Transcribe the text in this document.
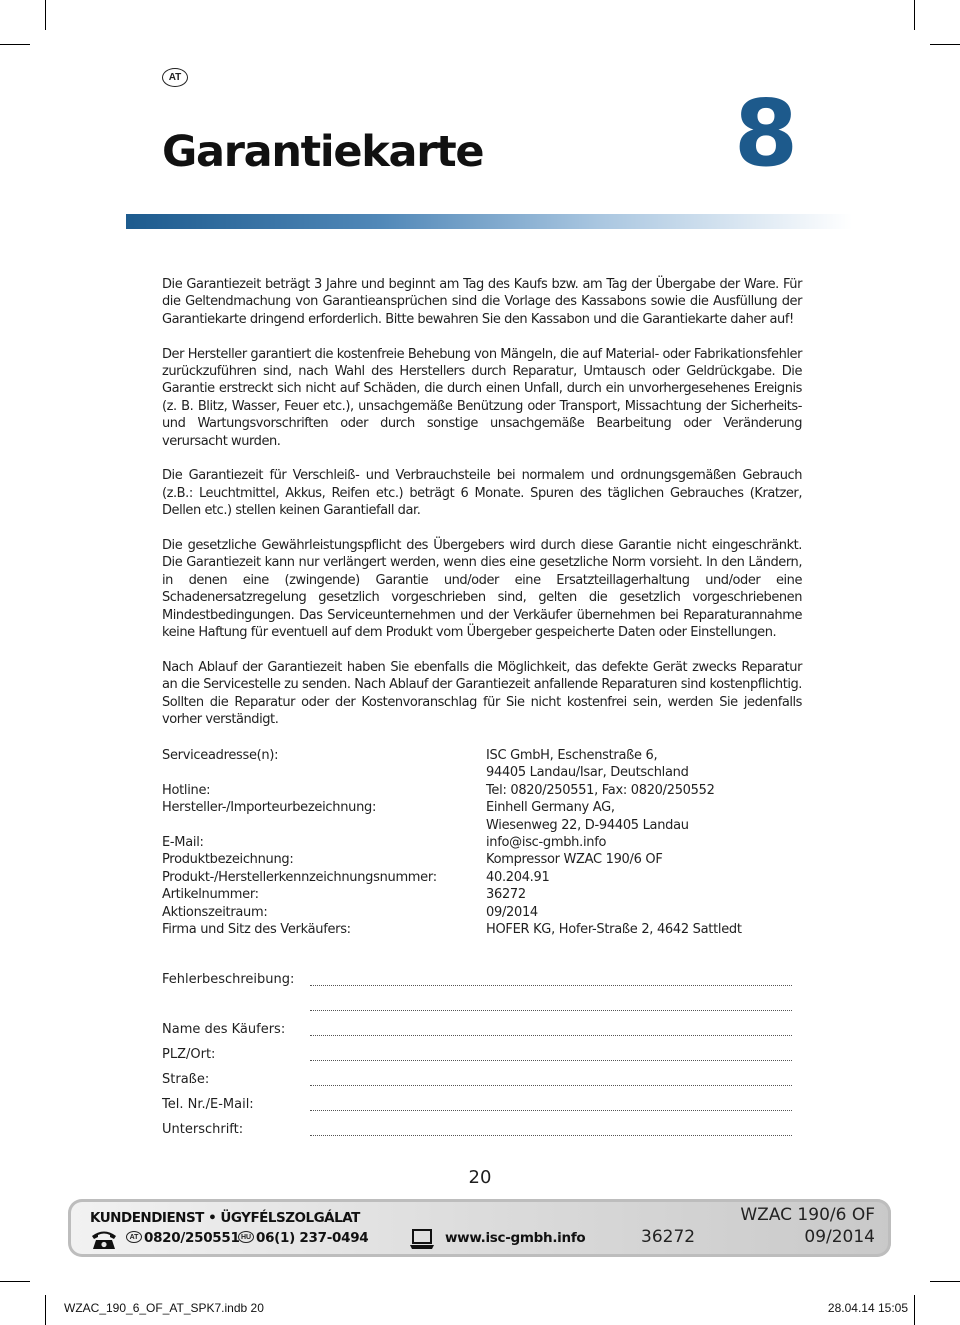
AT
Garantiekarte	8

Die Garantiezeit beträgt 3 Jahre und beginnt am Tag des Kaufs bzw. am Tag der Übergabe der Ware. Für die Geltendmachung von Garantieansprüchen sind die Vorlage des Kassabons sowie die Ausfüllung der Garantiekarte dringend erforderlich. Bitte bewahren Sie den Kassabon und die Garantiekarte daher auf!

Der Hersteller garantiert die kostenfreie Behebung von Mängeln, die auf Material- oder Fabrikationsfehler zurückzuführen sind, nach Wahl des Herstellers durch Reparatur, Umtausch oder Geldrückgabe. Die Garantie erstreckt sich nicht auf Schäden, die durch einen Unfall, durch ein unvorhergesehenes Ereignis (z. B. Blitz, Wasser, Feuer etc.), unsachgemäße Benützung oder Transport, Missachtung der Sicherheits- und Wartungsvorschriften oder durch sonstige unsachgemäße Bearbeitung oder Veränderung verursacht wurden.

Die Garantiezeit für Verschleiß- und Verbrauchsteile bei normalem und ordnungsgemäßen Gebrauch (z.B.: Leuchtmittel, Akkus, Reifen etc.) beträgt 6 Monate. Spuren des täglichen Gebrauches (Kratzer, Dellen etc.) stellen keinen Garantiefall dar.

Die gesetzliche Gewährleistungspflicht des Übergebers wird durch diese Garantie nicht eingeschränkt. Die Garantiezeit kann nur verlängert werden, wenn dies eine gesetzliche Norm vorsieht. In den Ländern, in denen eine (zwingende) Garantie und/oder eine Ersatzteillagerhaltung und/oder eine Schadenersatzregelung gesetzlich vorgeschrieben sind, gelten die gesetzlich vorgeschriebenen Mindestbedingungen. Das Serviceunternehmen und der Verkäufer übernehmen bei Reparaturannahme keine Haftung für eventuell auf dem Produkt vom Übergeber gespeicherte Daten oder Einstellungen.

Nach Ablauf der Garantiezeit haben Sie ebenfalls die Möglichkeit, das defekte Gerät zwecks Reparatur an die Servicestelle zu senden. Nach Ablauf der Garantiezeit anfallende Reparaturen sind kostenpflichtig. Sollten die Reparatur oder der Kostenvoranschlag für Sie nicht kostenfrei sein, werden Sie jedenfalls vorher verständigt.

Serviceadresse(n):	ISC GmbH, Eschenstraße 6,
94405 Landau/Isar, Deutschland
Hotline:	Tel: 0820/250551, Fax: 0820/250552
Hersteller-/Importeurbezeichnung:	Einhell Germany AG,
Wiesenweg 22, D-94405 Landau
E-Mail:	info@isc-gmbh.info
Produktbezeichnung:	Kompressor WZAC 190/6 OF
Produkt-/Herstellerkennzeichnungsnummer:	40.204.91
Artikelnummer:	36272
Aktionszeitraum:	09/2014
Firma und Sitz des Verkäufers:	HOFER KG, Hofer-Straße 2, 4642 Sattledt
Fehlerbeschreibung:
Name des Käufers:
PLZ/Ort:
Straße:
Tel. Nr./E-Mail:
Unterschrift:
20
KUNDENDIENST • ÜGYFÉLSZOLGÁLAT
AT 0820/250551 HU 06(1) 237-0494	www.isc-gmbh.info	36272
WZAC 190/6 OF
09/2014
WZAC_190_6_OF_AT_SPK7.indb 20	28.04.14 15:05
